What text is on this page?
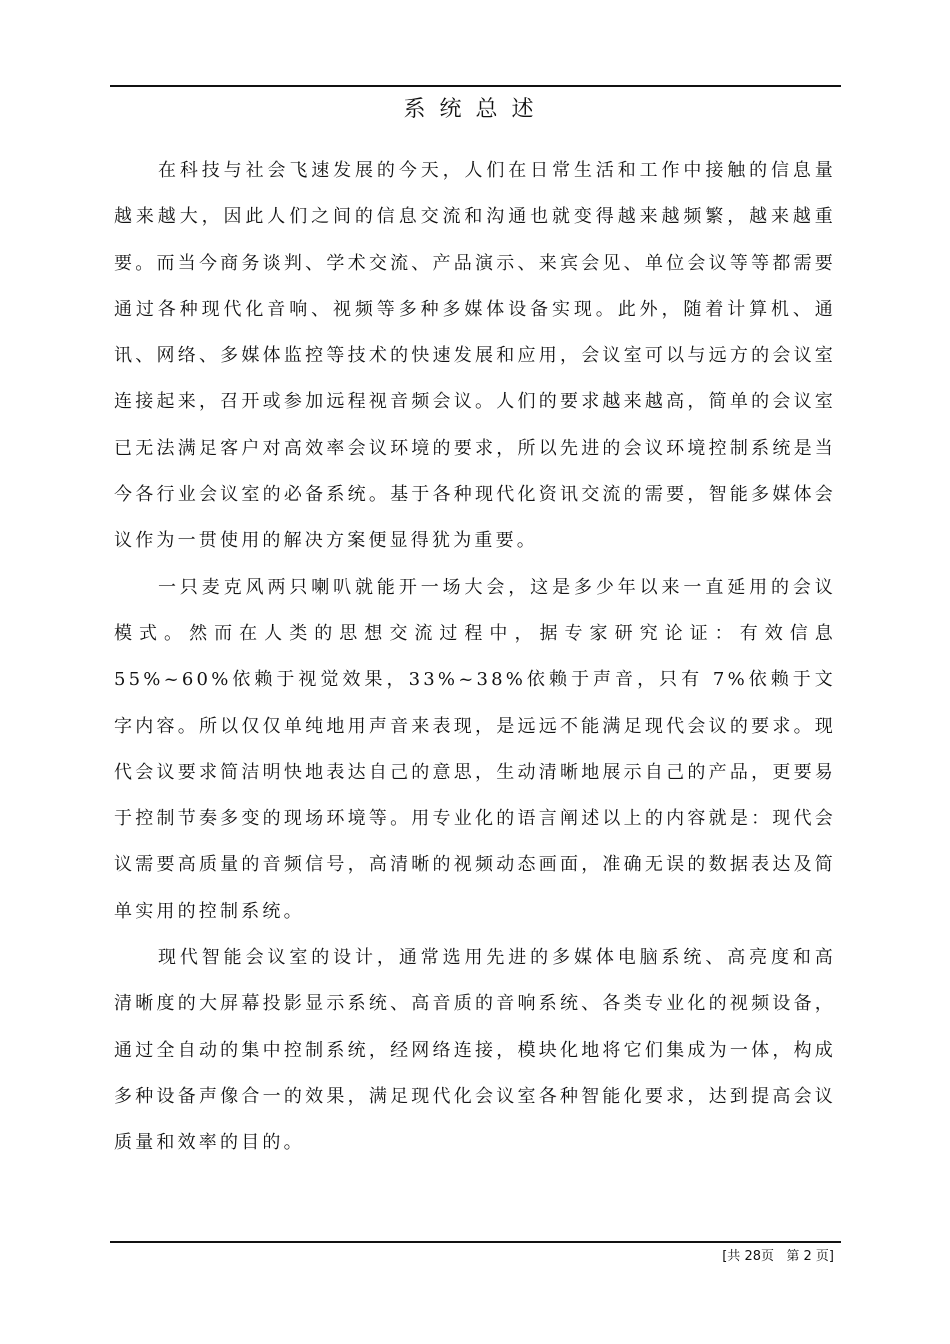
系统总述

在科技与社会飞速发展的今天，人们在日常生活和工作中接触的信息量越来越大，因此人们之间的信息交流和沟通也就变得越来越频繁，越来越重要。而当今商务谈判、学术交流、产品演示、来宾会见、单位会议等等都需要通过各种现代化音响、视频等多种多媒体设备实现。此外，随着计算机、通讯、网络、多媒体监控等技术的快速发展和应用，会议室可以与远方的会议室连接起来，召开或参加远程视音频会议。人们的要求越来越高，简单的会议室已无法满足客户对高效率会议环境的要求，所以先进的会议环境控制系统是当今各行业会议室的必备系统。基于各种现代化资讯交流的需要，智能多媒体会议作为一贯使用的解决方案便显得犹为重要。

一只麦克风两只喇叭就能开一场大会，这是多少年以来一直延用的会议模式。然而在人类的思想交流过程中，据专家研究论证：有效信息 55%~60%依赖于视觉效果，33%~38%依赖于声音，只有 7%依赖于文字内容。所以仅仅单纯地用声音来表现，是远远不能满足现代会议的要求。现代会议要求简洁明快地表达自己的意思，生动清晰地展示自己的产品，更要易于控制节奏多变的现场环境等。用专业化的语言阐述以上的内容就是：现代会议需要高质量的音频信号，高清晰的视频动态画面，准确无误的数据表达及简单实用的控制系统。

现代智能会议室的设计，通常选用先进的多媒体电脑系统、高亮度和高清晰度的大屏幕投影显示系统、高音质的音响系统、各类专业化的视频设备，通过全自动的集中控制系统，经网络连接，模块化地将它们集成为一体，构成多种设备声像合一的效果，满足现代化会议室各种智能化要求，达到提高会议质量和效率的目的。

[共 28页   第 2 页]
